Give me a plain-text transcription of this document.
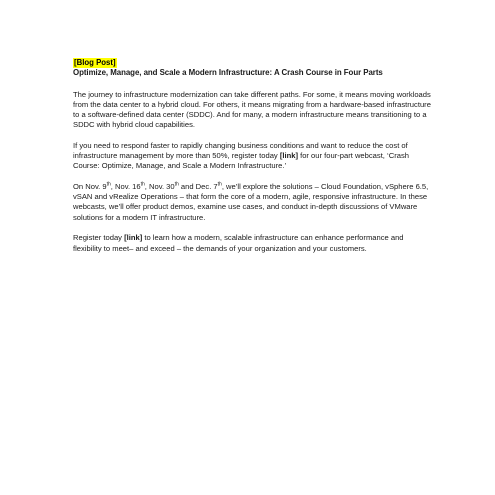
[Blog Post]
Optimize, Manage, and Scale a Modern Infrastructure: A Crash Course in Four Parts

The journey to infrastructure modernization can take different paths. For some, it means moving workloads from the data center to a hybrid cloud. For others, it means migrating from a hardware-based infrastructure to a software-defined data center (SDDC). And for many, a modern infrastructure means transitioning to a SDDC with hybrid cloud capabilities.

If you need to respond faster to rapidly changing business conditions and want to reduce the cost of infrastructure management by more than 50%, register today [link] for our four-part webcast, ‘Crash Course: Optimize, Manage, and Scale a Modern Infrastructure.’

On Nov. 9th, Nov. 16th, Nov. 30th and Dec. 7th, we’ll explore the solutions – Cloud Foundation, vSphere 6.5, vSAN and vRealize Operations – that form the core of a modern, agile, responsive infrastructure. In these webcasts, we’ll offer product demos, examine use cases, and conduct in-depth discussions of VMware solutions for a modern IT infrastructure.

Register today [link] to learn how a modern, scalable infrastructure can enhance performance and flexibility to meet– and exceed – the demands of your organization and your customers.
